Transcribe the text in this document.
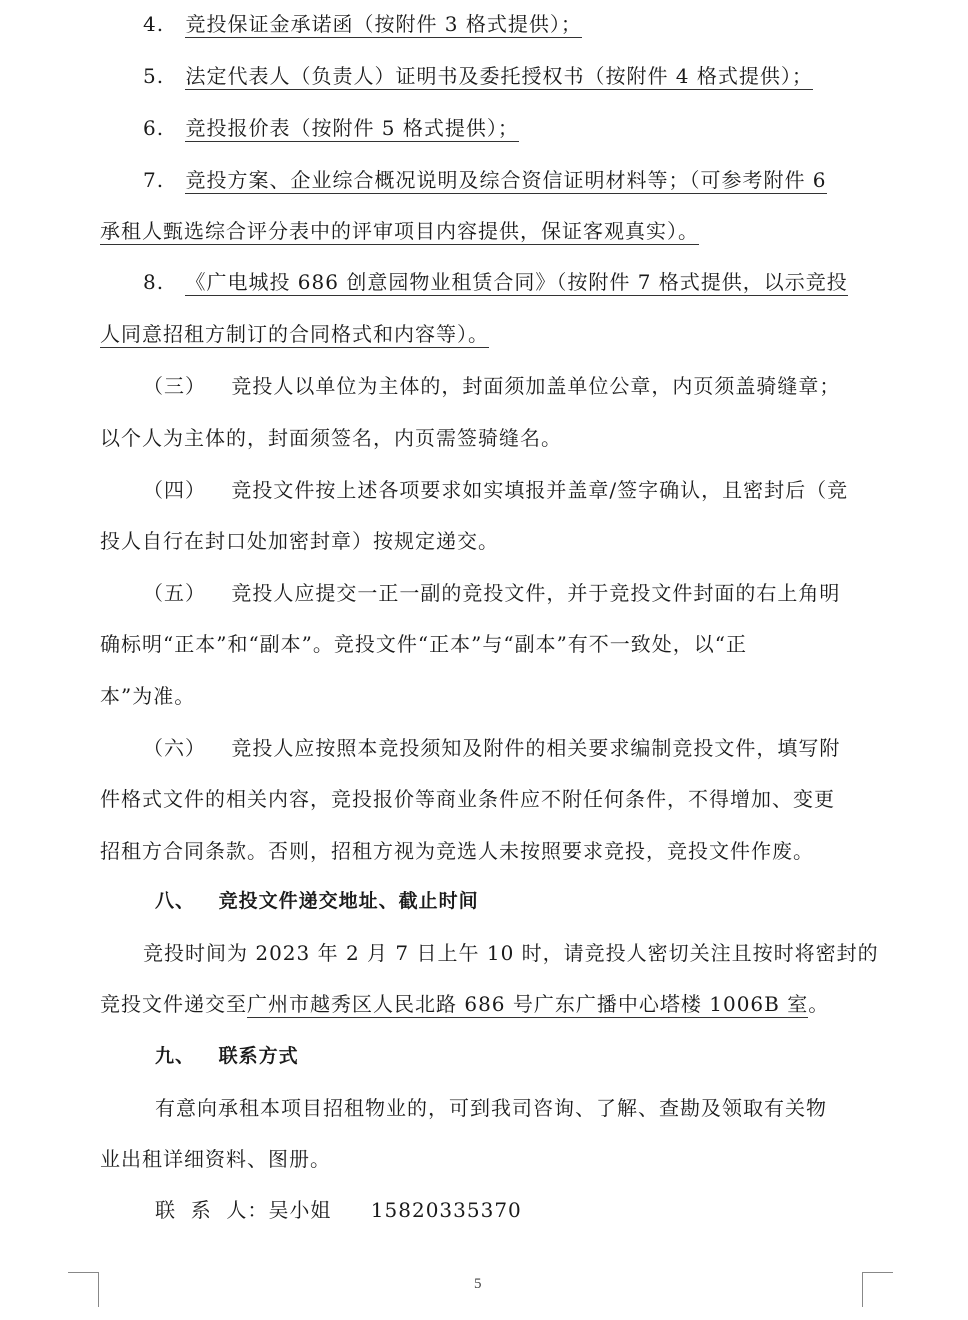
4. 竞投保证金承诺函（按附件 3 格式提供）；
5. 法定代表人（负责人）证明书及委托授权书（按附件 4 格式提供）；
6. 竞投报价表（按附件 5 格式提供）；
7. 竞投方案、企业综合概况说明及综合资信证明材料等；（可参考附件 6
承租人甄选综合评分表中的评审项目内容提供，保证客观真实）。
8. 《广电城投 686 创意园物业租赁合同》（按附件 7 格式提供，以示竞投
人同意招租方制订的合同格式和内容等）。
（三） 竞投人以单位为主体的，封面须加盖单位公章，内页须盖骑缝章；
以个人为主体的，封面须签名，内页需签骑缝名。
（四） 竞投文件按上述各项要求如实填报并盖章/签字确认，且密封后（竞
投人自行在封口处加密封章）按规定递交。
（五） 竞投人应提交一正一副的竞投文件，并于竞投文件封面的右上角明
确标明“正本”和“副本”。竞投文件“正本”与“副本”有不一致处，以“正
本”为准。
（六） 竞投人应按照本竞投须知及附件的相关要求编制竞投文件，填写附
件格式文件的相关内容，竞投报价等商业条件应不附任何条件，不得增加、变更
招租方合同条款。否则，招租方视为竞选人未按照要求竞投，竞投文件作废。
八、 竞投文件递交地址、截止时间
竞投时间为 2023 年 2 月 7 日上午 10 时，请竞投人密切关注且按时将密封的
竞投文件递交至广州市越秀区人民北路 686 号广东广播中心塔楼 1006B 室。
九、 联系方式
有意向承租本项目招租物业的，可到我司咨询、了解、查勘及领取有关物
业出租详细资料、图册。
联  系  人：吴小姐 15820335370
5
